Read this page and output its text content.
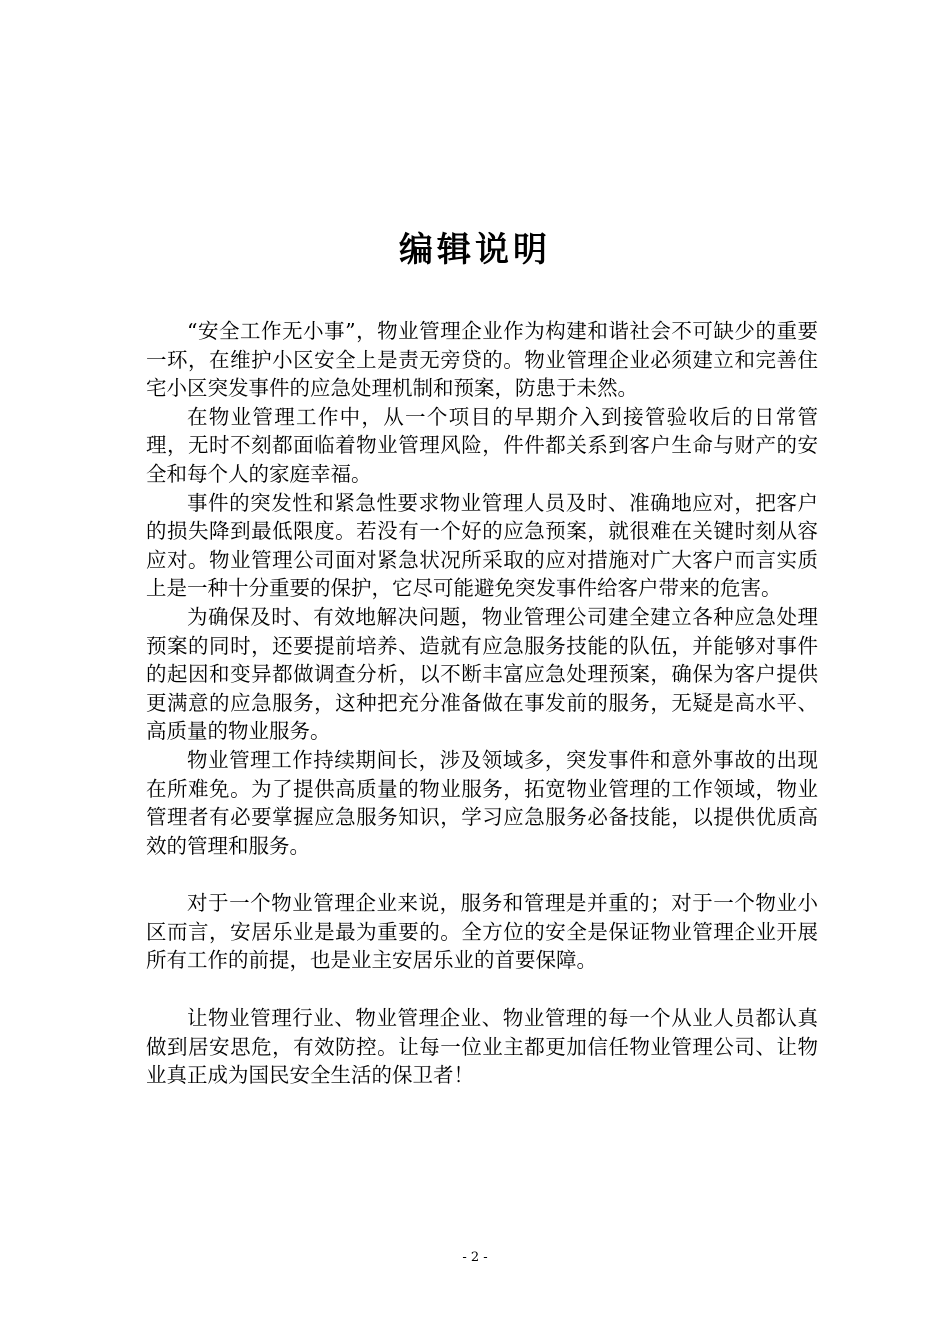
编辑说明

“安全工作无小事”，物业管理企业作为构建和谐社会不可缺少的重要一环，在维护小区安全上是责无旁贷的。物业管理企业必须建立和完善住宅小区突发事件的应急处理机制和预案，防患于未然。

在物业管理工作中，从一个项目的早期介入到接管验收后的日常管理，无时不刻都面临着物业管理风险，件件都关系到客户生命与财产的安全和每个人的家庭幸福。

事件的突发性和紧急性要求物业管理人员及时、准确地应对，把客户的损失降到最低限度。若没有一个好的应急预案，就很难在关键时刻从容应对。物业管理公司面对紧急状况所采取的应对措施对广大客户而言实质上是一种十分重要的保护，它尽可能避免突发事件给客户带来的危害。

为确保及时、有效地解决问题，物业管理公司建全建立各种应急处理预案的同时，还要提前培养、造就有应急服务技能的队伍，并能够对事件的起因和变异都做调查分析，以不断丰富应急处理预案，确保为客户提供更满意的应急服务，这种把充分准备做在事发前的服务，无疑是高水平、高质量的物业服务。

物业管理工作持续期间长，涉及领域多，突发事件和意外事故的出现在所难免。为了提供高质量的物业服务，拓宽物业管理的工作领域，物业管理者有必要掌握应急服务知识，学习应急服务必备技能，以提供优质高效的管理和服务。

对于一个物业管理企业来说，服务和管理是并重的；对于一个物业小区而言，安居乐业是最为重要的。全方位的安全是保证物业管理企业开展所有工作的前提，也是业主安居乐业的首要保障。

让物业管理行业、物业管理企业、物业管理的每一个从业人员都认真做到居安思危，有效防控。让每一位业主都更加信任物业管理公司、让物业真正成为国民安全生活的保卫者！

- 2 -
